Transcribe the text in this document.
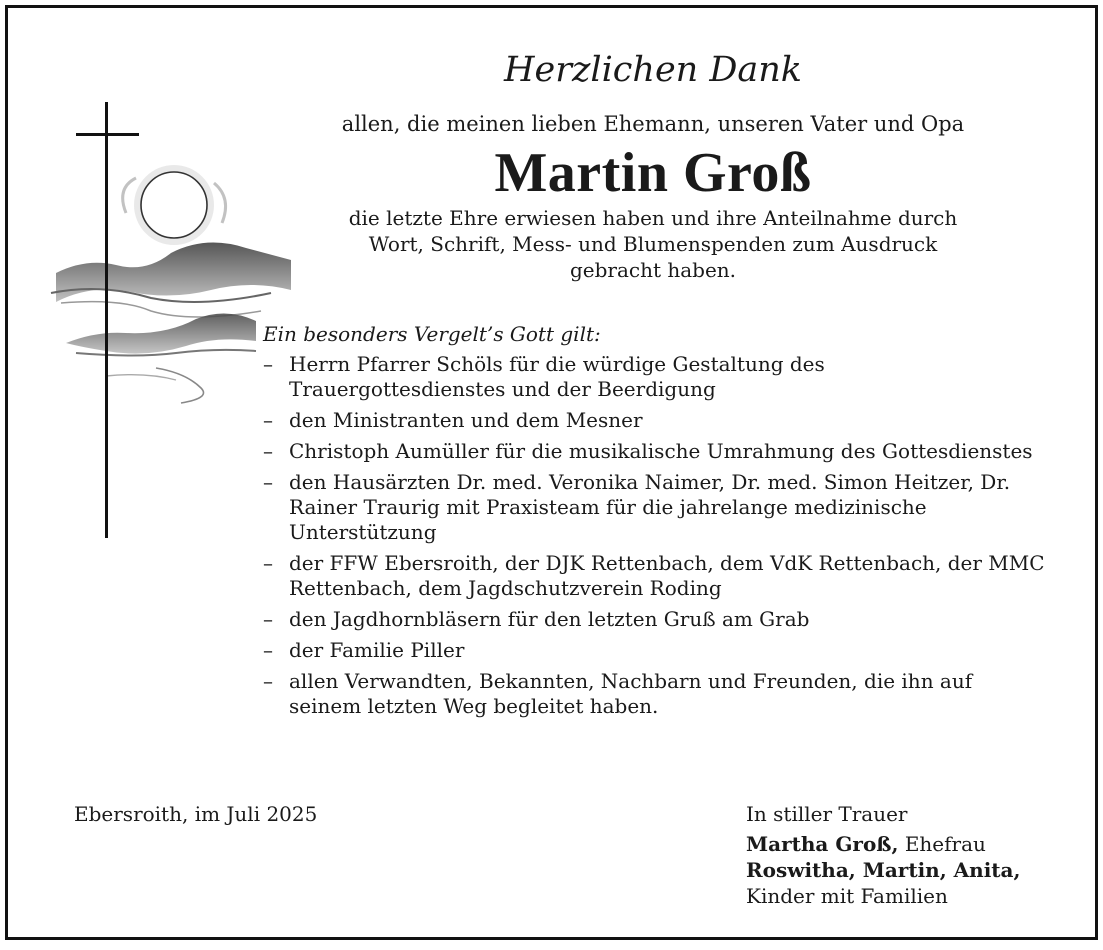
Herzlichen Dank
allen, die meinen lieben Ehemann, unseren Vater und Opa
Martin Groß
die letzte Ehre erwiesen haben und ihre Anteilnahme durch Wort, Schrift, Mess- und Blumenspenden zum Ausdruck gebracht haben.
Ein besonders Vergelt’s Gott gilt:
– Herrn Pfarrer Schöls für die würdige Gestaltung des Trauergottesdienstes und der Beerdigung
– den Ministranten und dem Mesner
– Christoph Aumüller für die musikalische Umrahmung des Gottesdienstes
– den Hausärzten Dr. med. Veronika Naimer, Dr. med. Simon Heitzer, Dr. Rainer Traurig mit Praxisteam für die jahrelange medizinische Unterstützung
– der FFW Ebersroith, der DJK Rettenbach, dem VdK Rettenbach, der MMC Rettenbach, dem Jagdschutzverein Roding
– den Jagdhornbläsern für den letzten Gruß am Grab
– der Familie Piller
– allen Verwandten, Bekannten, Nachbarn und Freunden, die ihn auf seinem letzten Weg begleitet haben.
Ebersroith, im Juli 2025	In stiller Trauer
Martha Groß, Ehefrau
Roswitha, Martin, Anita,
Kinder mit Familien
